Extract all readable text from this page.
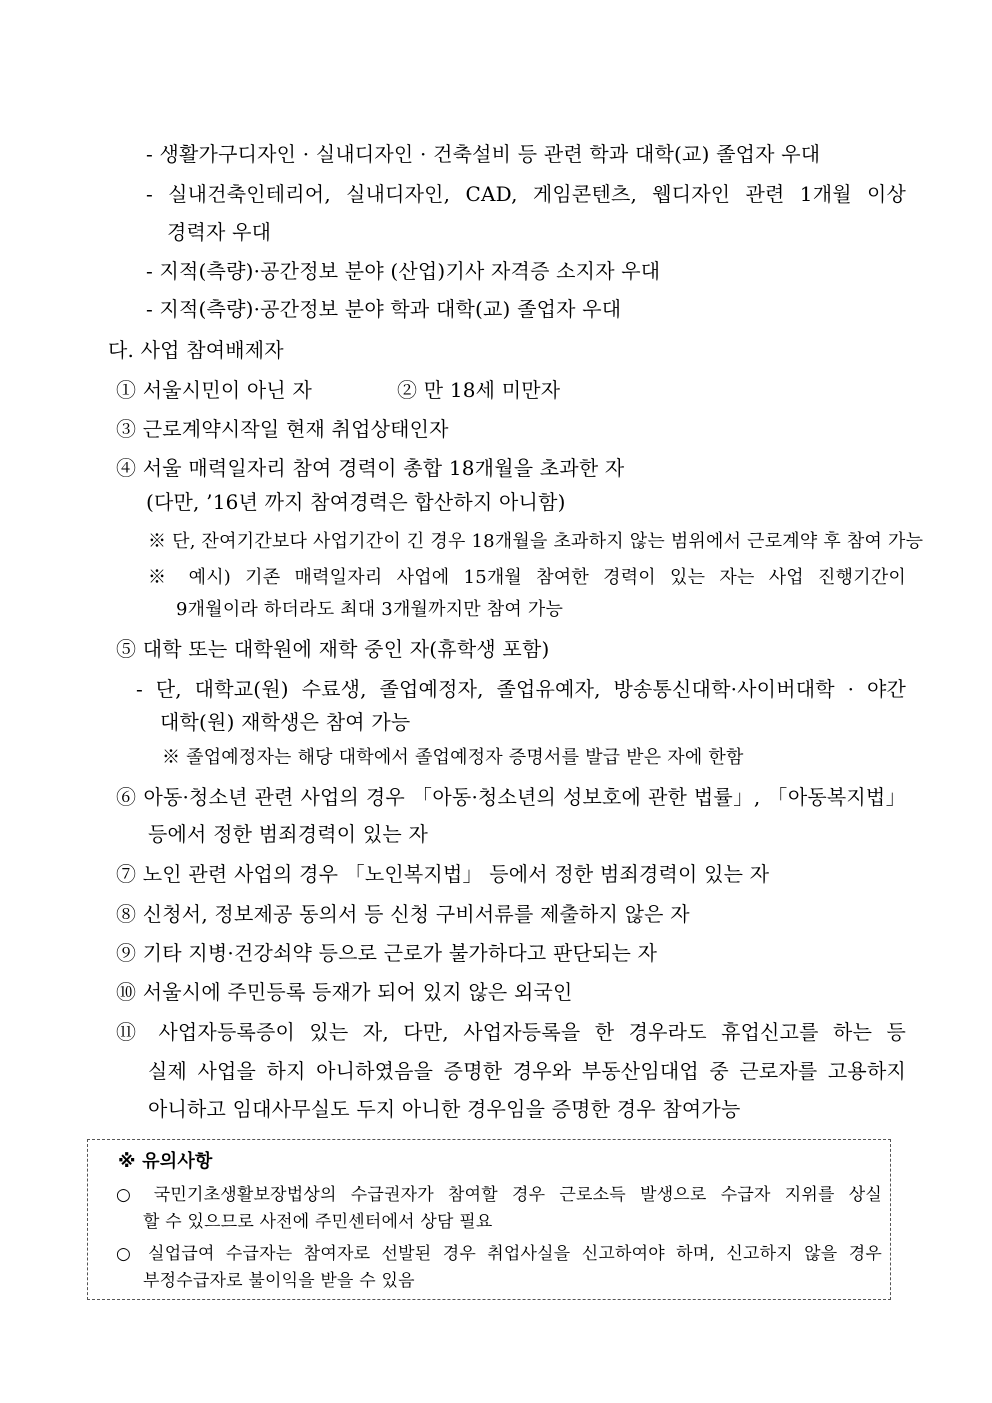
- 생활가구디자인 · 실내디자인 · 건축설비 등 관련 학과 대학(교) 졸업자 우대
- 실내건축인테리어, 실내디자인, CAD, 게임콘텐츠, 웹디자인 관련 1개월 이상
경력자 우대
- 지적(측량)·공간정보 분야 (산업)기사 자격증 소지자 우대
- 지적(측량)·공간정보 분야 학과 대학(교) 졸업자 우대
다. 사업 참여배제자
① 서울시민이 아닌 자	② 만 18세 미만자
③ 근로계약시작일 현재 취업상태인자
④ 서울 매력일자리 참여 경력이 총합 18개월을 초과한 자
(다만, ’16년 까지 참여경력은 합산하지 아니함)
※ 단, 잔여기간보다 사업기간이 긴 경우 18개월을 초과하지 않는 범위에서 근로계약 후 참여 가능
※ 예시) 기존 매력일자리 사업에 15개월 참여한 경력이 있는 자는 사업 진행기간이
9개월이라 하더라도 최대 3개월까지만 참여 가능
⑤ 대학 또는 대학원에 재학 중인 자(휴학생 포함)
- 단, 대학교(원) 수료생, 졸업예정자, 졸업유예자, 방송통신대학·사이버대학 · 야간
대학(원) 재학생은 참여 가능
※ 졸업예정자는 해당 대학에서 졸업예정자 증명서를 발급 받은 자에 한함
⑥ 아동·청소년 관련 사업의 경우 「아동·청소년의 성보호에 관한 법률」, 「아동복지법」
등에서 정한 범죄경력이 있는 자
⑦ 노인 관련 사업의 경우 「노인복지법」 등에서 정한 범죄경력이 있는 자
⑧ 신청서, 정보제공 동의서 등 신청 구비서류를 제출하지 않은 자
⑨ 기타 지병·건강쇠약 등으로 근로가 불가하다고 판단되는 자
⑩ 서울시에 주민등록 등재가 되어 있지 않은 외국인
⑪ 사업자등록증이 있는 자, 다만, 사업자등록을 한 경우라도 휴업신고를 하는 등
실제 사업을 하지 아니하였음을 증명한 경우와 부동산임대업 중 근로자를 고용하지
아니하고 임대사무실도 두지 아니한 경우임을 증명한 경우 참여가능
※ 유의사항
○ 국민기초생활보장법상의 수급권자가 참여할 경우 근로소득 발생으로 수급자 지위를 상실
할 수 있으므로 사전에 주민센터에서 상담 필요
○ 실업급여 수급자는 참여자로 선발된 경우 취업사실을 신고하여야 하며, 신고하지 않을 경우
부정수급자로 불이익을 받을 수 있음
